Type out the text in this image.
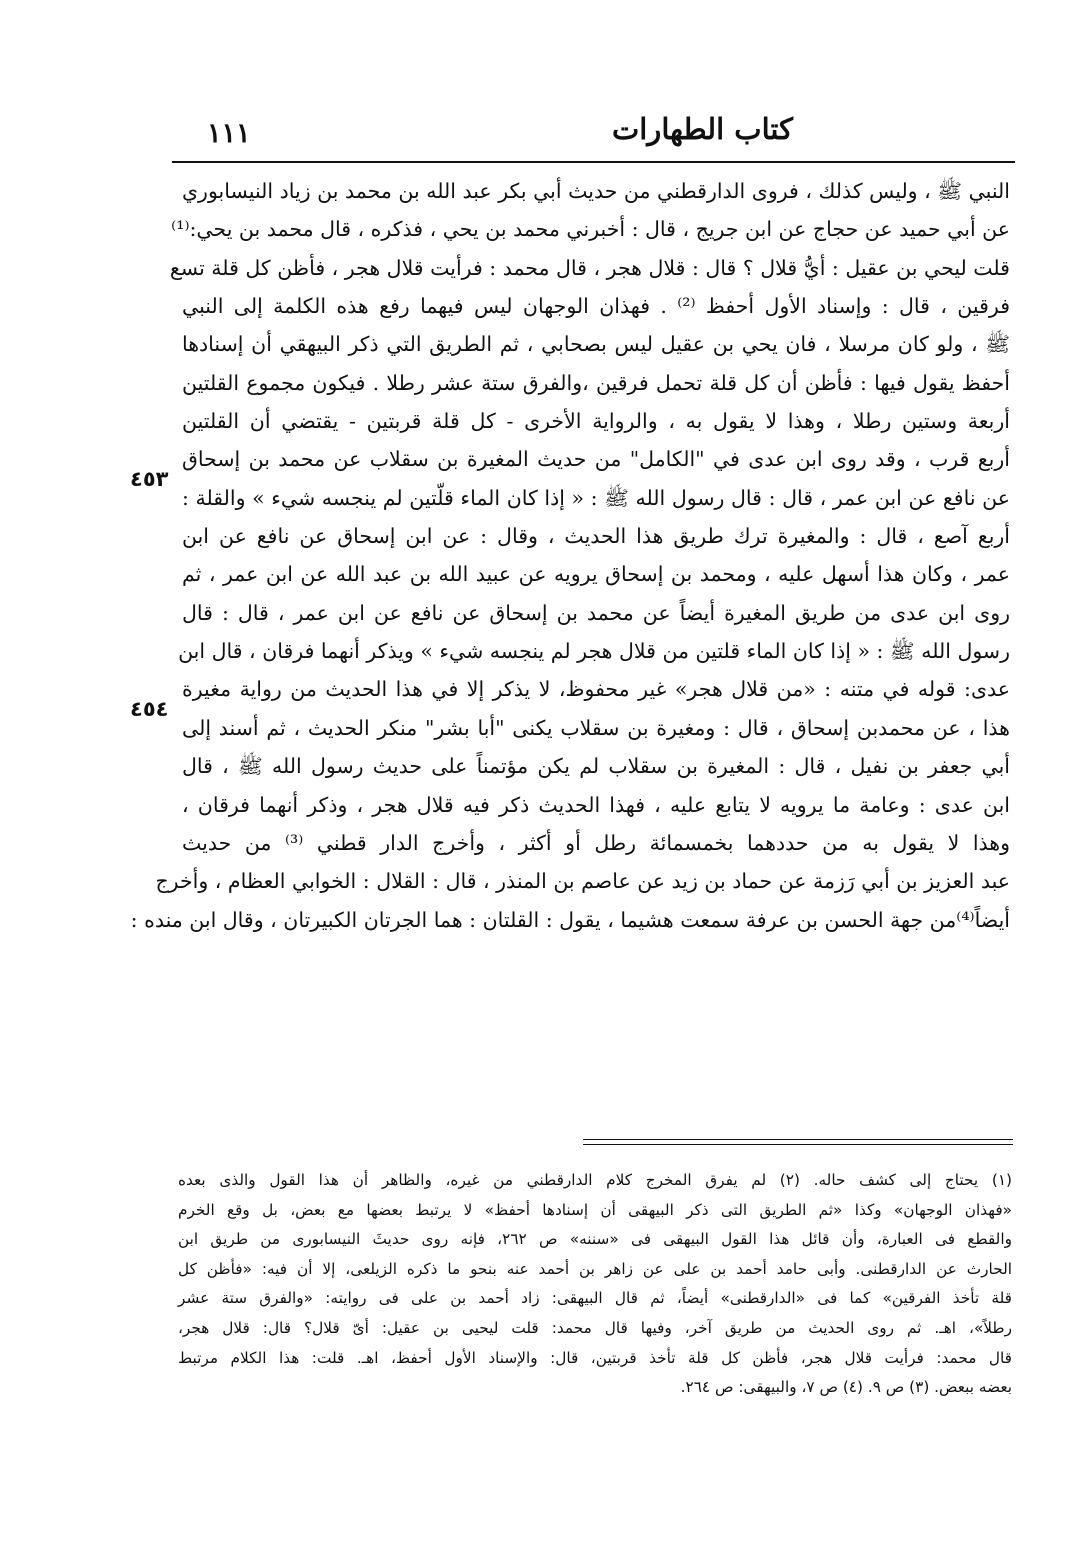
كتاب الطهارات
١١١
النبي ﷺ ، وليس كذلك ، فروى الدارقطني من حديث أبي بكر عبد الله بن محمد بن زياد النيسابوري
عن أبي حميد عن حجاج عن ابن جريج ، قال : أخبرني محمد بن يحي ، فذكره ، قال محمد بن يحي:⁽¹⁾
قلت ليحي بن عقيل : أيُّ قلال ؟ قال : قلال هجر ، قال محمد : فرأيت قلال هجر ، فأظن كل قلة تسع
فرقين ، قال : وإسناد الأول أحفظ ⁽²⁾ . فهذان الوجهان ليس فيهما رفع هذه الكلمة إلى النبي
ﷺ ، ولو كان مرسلا ، فان يحي بن عقيل ليس بصحابي ، ثم الطريق التي ذكر البيهقي أن إسنادها
أحفظ يقول فيها : فأظن أن كل قلة تحمل فرقين ،والفرق ستة عشر رطلا . فيكون مجموع القلتين
أربعة وستين رطلا ، وهذا لا يقول به ، والرواية الأخرى - كل قلة قربتين - يقتضي أن القلتين
أربع قرب ، وقد روى ابن عدى في "الكامل" من حديث المغيرة بن سقلاب عن محمد بن إسحاق
عن نافع عن ابن عمر ، قال : قال رسول الله ﷺ : « إذا كان الماء قلّتين لم ينجسه شيء » والقلة :
أربع آصع ، قال : والمغيرة ترك طريق هذا الحديث ، وقال : عن ابن إسحاق عن نافع عن ابن
عمر ، وكان هذا أسهل عليه ، ومحمد بن إسحاق يرويه عن عبيد الله بن عبد الله عن ابن عمر ، ثم
روى ابن عدى من طريق المغيرة أيضاً عن محمد بن إسحاق عن نافع عن ابن عمر ، قال : قال
رسول الله ﷺ : « إذا كان الماء قلتين من قلال هجر لم ينجسه شيء » ويذكر أنهما فرقان ، قال ابن
عدى: قوله في متنه : «من قلال هجر» غير محفوظ، لا يذكر إلا في هذا الحديث من رواية مغيرة
هذا ، عن محمدبن إسحاق ، قال : ومغيرة بن سقلاب يكنى "أبا بشر" منكر الحديث ، ثم أسند إلى
أبي جعفر بن نفيل ، قال : المغيرة بن سقلاب لم يكن مؤتمناً على حديث رسول الله ﷺ ، قال
ابن عدى : وعامة ما يرويه لا يتابع عليه ، فهذا الحديث ذكر فيه قلال هجر ، وذكر أنهما فرقان ،
وهذا لا يقول به من حددهما بخمسمائة رطل أو أكثر ، وأخرج الدار قطني ⁽³⁾ من حديث
عبد العزيز بن أبي رَزمة عن حماد بن زيد عن عاصم بن المنذر ، قال : القلال : الخوابي العظام ، وأخرج
أيضاً⁽⁴⁾من جهة الحسن بن عرفة سمعت هشيما ، يقول : القلتان : هما الجرتان الكبيرتان ، وقال ابن منده :
٤٥٣
٤٥٤
(١) يحتاج إلى كشف حاله. (٢) لم يفرق المخرج كلام الدارقطني من غيره، والظاهر أن هذا القول والذى بعده
«فهذان الوجهان» وكذا «ثم الطريق التى ذكر البيهقى أن إسنادها أحفظ» لا يرتبط بعضها مع بعض، بل وقع الخرم
والقطع فى العبارة، وأن قائل هذا القول البيهقى فى «سننه» ص ٢٦٢، فإنه روى حديثَ النيسابورى من طريق ابن
الحارث عن الدارقطنى. وأبى حامد أحمد بن على عن زاهر بن أحمد عنه بنحو ما ذكره الزيلعى، إلا أن فيه: «فأظن كل
قلة تأخذ الفرقين» كما فى «الدارقطنى» أيضاً، ثم قال البيهقى: زاد أحمد بن على فى روايته: «والفرق ستة عشر
رطلاً»، اهـ. ثم روى الحديث من طريق آخر، وفيها قال محمد: قلت ليحيى بن عقيل: أىّ قلال؟ قال: قلال هجر،
قال محمد: فرأيت قلال هجر، فأظن كل قلة تأخذ قربتين، قال: والإسناد الأول أحفظ، اهـ. قلت: هذا الكلام مرتبط
بعضه ببعض. (٣) ص ٩. (٤) ص ٧، والبيهقى: ص ٢٦٤.
